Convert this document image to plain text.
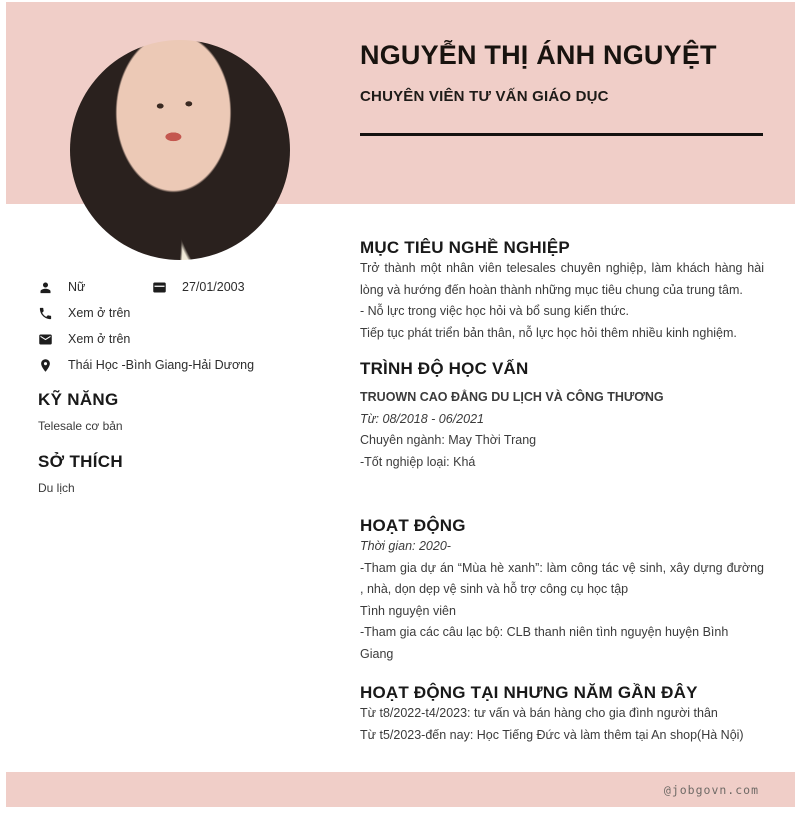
NGUYỄN THỊ ÁNH NGUYỆT
CHUYÊN VIÊN TƯ VẤN GIÁO DỤC
Nữ	27/01/2003
Xem ở trên
Xem ở trên
Thái Học -Bình Giang-Hải Dương
KỸ NĂNG

Telesale cơ bản

SỞ THÍCH

Du lịch

MỤC TIÊU NGHỀ NGHIỆP

Trở thành một nhân viên telesales chuyên nghiệp, làm khách hàng hài lòng và hướng đến hoàn thành những mục tiêu chung của trung tâm.

- Nỗ lực trong việc học hỏi và bổ sung kiến thức.

Tiếp tục phát triển bản thân, nỗ lực học hỏi thêm nhiều kinh nghiệm.

TRÌNH ĐỘ HỌC VẤN

TRUOWN CAO ĐẲNG DU LỊCH VÀ CÔNG THƯƠNG

Từ: 08/2018 - 06/2021

Chuyên ngành: May Thời Trang

-Tốt nghiệp loại: Khá

HOẠT ĐỘNG

Thời gian: 2020-

-Tham gia dự án “Mùa hè xanh”: làm công tác vệ sinh, xây dựng đường , nhà, dọn dẹp vệ sinh và hỗ trợ công cụ học tập

Tình nguyện viên

-Tham gia các câu lạc bộ: CLB thanh niên tình nguyện huyện Bình Giang

HOẠT ĐỘNG TẠI NHƯNG NĂM GẦN ĐÂY

Từ t8/2022-t4/2023: tư vấn và bán hàng cho gia đình người thân

Từ t5/2023-đến nay: Học Tiếng Đức và làm thêm tại An shop(Hà Nội)

@jobgovn.com
